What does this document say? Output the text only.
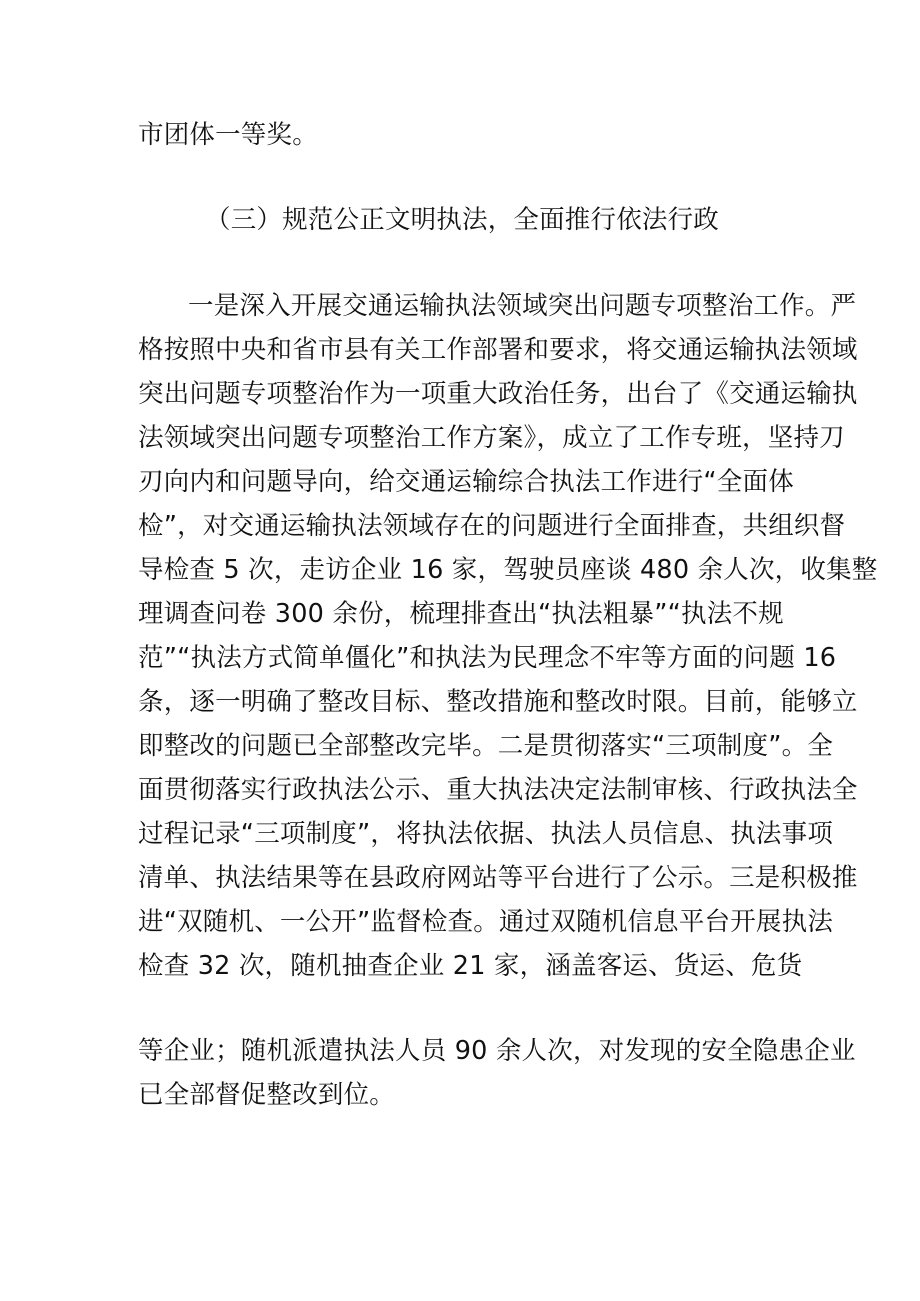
市团体一等奖。

（三）规范公正文明执法，全面推行依法行政

一是深入开展交通运输执法领域突出问题专项整治工作。严

格按照中央和省市县有关工作部署和要求，将交通运输执法领域

突出问题专项整治作为一项重大政治任务，出台了《交通运输执

法领域突出问题专项整治工作方案》，成立了工作专班，坚持刀

刃向内和问题导向，给交通运输综合执法工作进行“全面体

检”，对交通运输执法领域存在的问题进行全面排查，共组织督

导检查 5 次，走访企业 16 家，驾驶员座谈 480 余人次，收集整

理调查问卷 300 余份，梳理排查出“执法粗暴”“执法不规

范”“执法方式简单僵化”和执法为民理念不牢等方面的问题 16

条，逐一明确了整改目标、整改措施和整改时限。目前，能够立

即整改的问题已全部整改完毕。二是贯彻落实“三项制度”。全

面贯彻落实行政执法公示、重大执法决定法制审核、行政执法全

过程记录“三项制度”，将执法依据、执法人员信息、执法事项

清单、执法结果等在县政府网站等平台进行了公示。三是积极推

进“双随机、一公开”监督检查。通过双随机信息平台开展执法

检查 32 次，随机抽查企业 21 家，涵盖客运、货运、危货

等企业；随机派遣执法人员 90 余人次，对发现的安全隐患企业

已全部督促整改到位。
